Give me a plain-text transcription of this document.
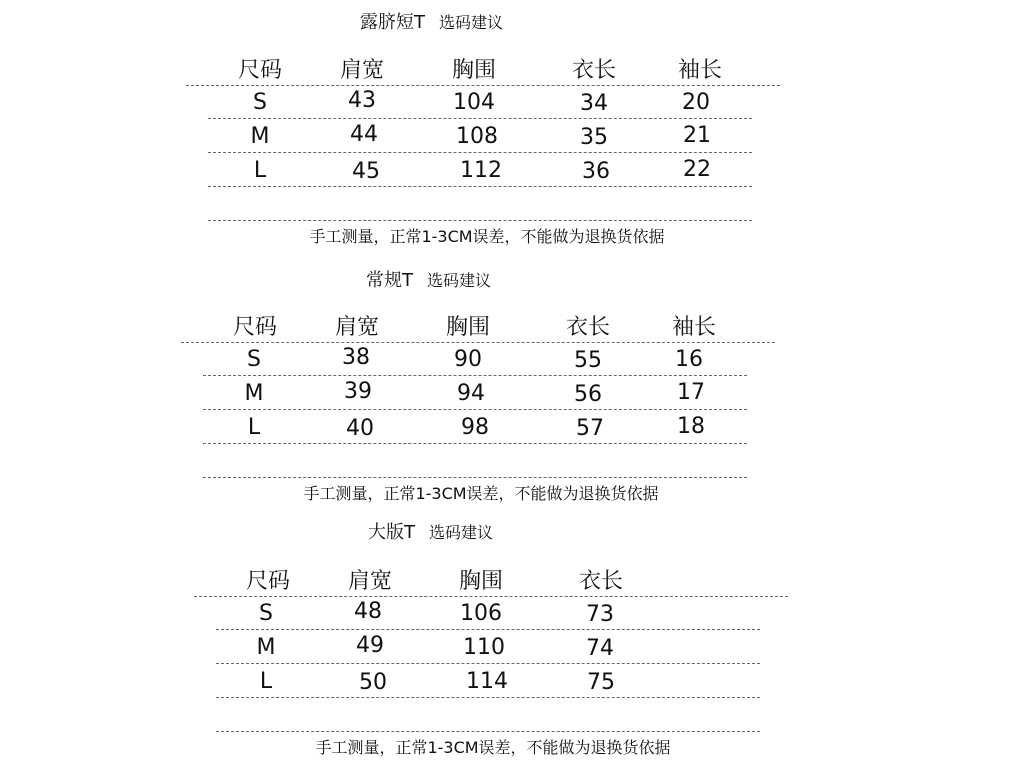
露脐短T 选码建议
尺码	肩宽	胸围	衣长	袖长
S	43	104	34	20
M	44	108	35	21
L	45	112	36	22
手工测量，正常1-3CM误差，不能做为退换货依据
常规T 选码建议
尺码	肩宽	胸围	衣长	袖长
S	38	90	55	16
M	39	94	56	17
L	40	98	57	18
手工测量，正常1-3CM误差，不能做为退换货依据
大版T 选码建议
尺码	肩宽	胸围	衣长
S	48	106	73
M	49	110	74
L	50	114	75
手工测量，正常1-3CM误差，不能做为退换货依据
